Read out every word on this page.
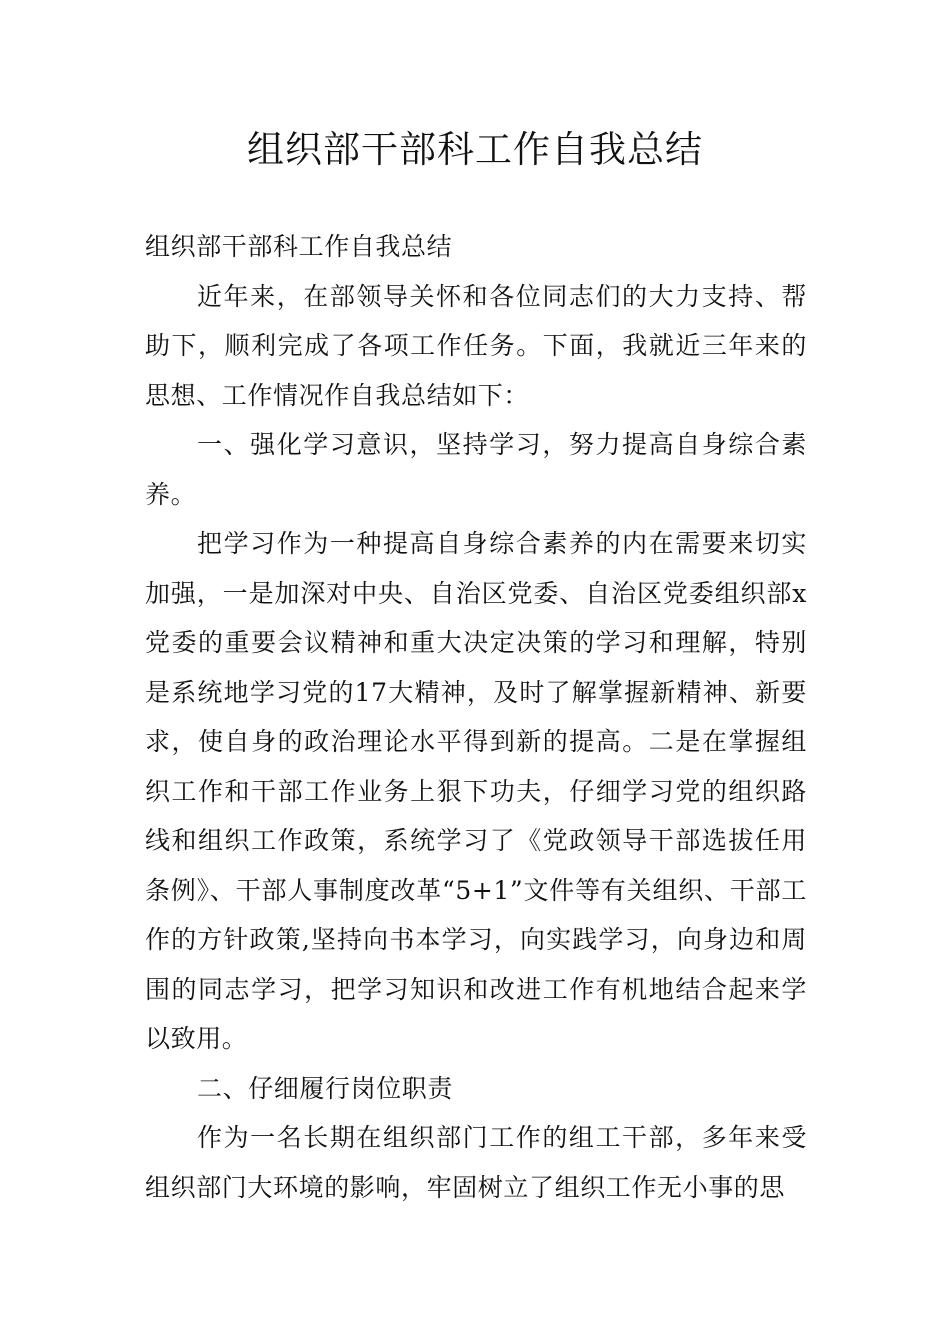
组织部干部科工作自我总结

组织部干部科工作自我总结

近年来，在部领导关怀和各位同志们的大力支持、帮助下，顺利完成了各项工作任务。下面，我就近三年来的思想、工作情况作自我总结如下：

一、强化学习意识，坚持学习，努力提高自身综合素养。

把学习作为一种提高自身综合素养的内在需要来切实加强，一是加深对中央、自治区党委、自治区党委组织部x党委的重要会议精神和重大决定决策的学习和理解，特别是系统地学习党的17大精神，及时了解掌握新精神、新要求，使自身的政治理论水平得到新的提高。二是在掌握组织工作和干部工作业务上狠下功夫，仔细学习党的组织路线和组织工作政策，系统学习了《党政领导干部选拔任用条例》、干部人事制度改革“5+1”文件等有关组织、干部工作的方针政策,坚持向书本学习，向实践学习，向身边和周围的同志学习，把学习知识和改进工作有机地结合起来学以致用。

二、仔细履行岗位职责

作为一名长期在组织部门工作的组工干部，多年来受组织部门大环境的影响，牢固树立了组织工作无小事的思
